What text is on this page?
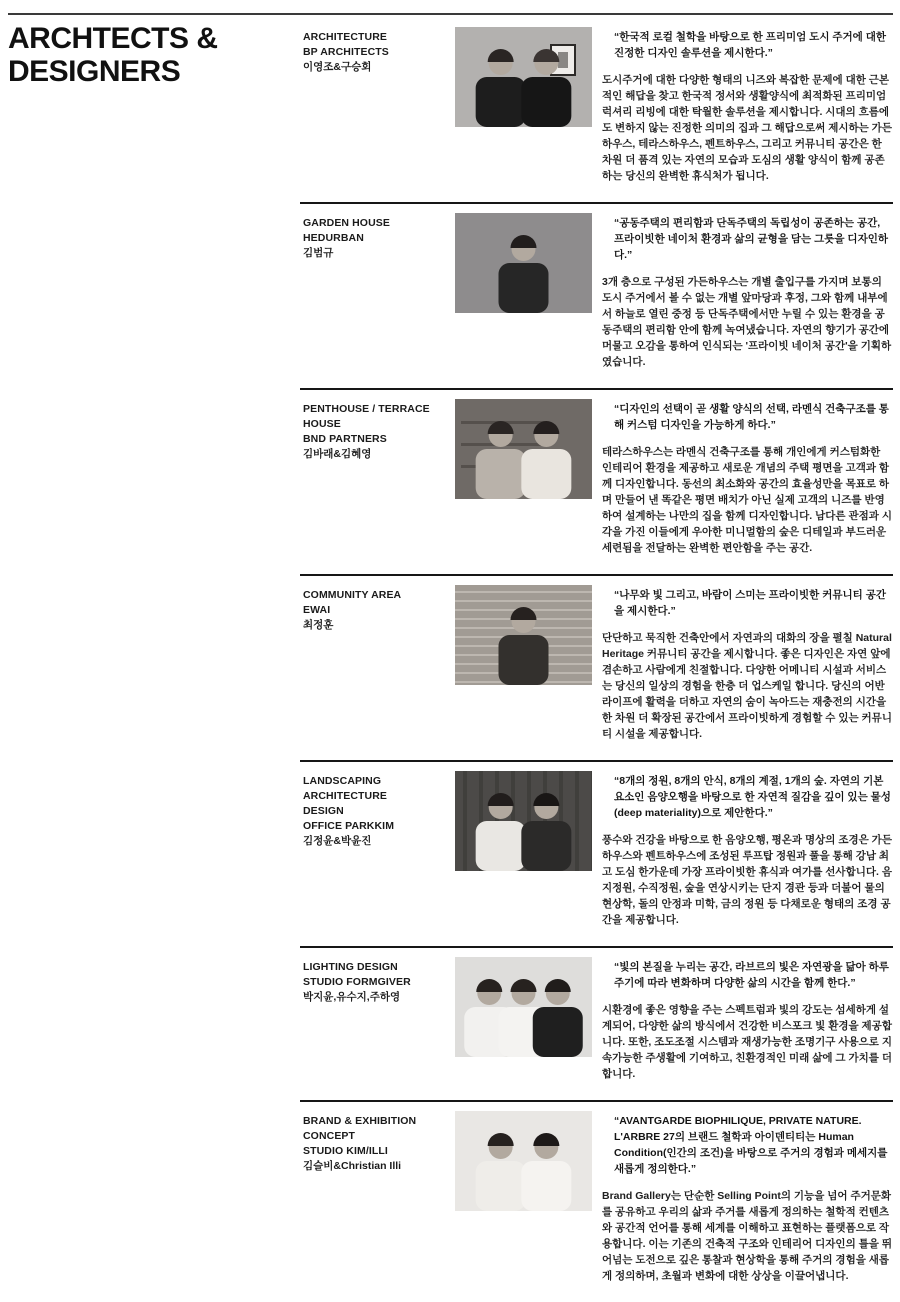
ARCHTECTS &
DESIGNERS
ARCHITECTURE
BP ARCHITECTS
이영조&구승회

“한국적 로컬 철학을 바탕으로 한 프리미엄 도시 주거에 대한 진정한 디자인 솔루션을 제시한다.”

도시주거에 대한 다양한 형태의 니즈와 복잡한 문제에 대한 근본적인 해답을 찾고 한국적 정서와 생활양식에 최적화된 프리미엄 럭셔리 리빙에 대한 탁월한 솔루션을 제시합니다. 시대의 흐름에도 변하지 않는 진정한 의미의 집과 그 해답으로써 제시하는 가든하우스, 테라스하우스, 펜트하우스, 그리고 커뮤니티 공간은 한 차원 더 품격 있는 자연의 모습과 도심의 생활 양식이 함께 공존하는 당신의 완벽한 휴식처가 됩니다.

GARDEN HOUSE
HEDURBAN
김범규

“공동주택의 편리함과 단독주택의 독립성이 공존하는 공간, 프라이빗한 네이처 환경과 삶의 균형을 담는 그릇을 디자인하다.”

3개 층으로 구성된 가든하우스는 개별 출입구를 가지며 보통의 도시 주거에서 볼 수 없는 개별 앞마당과 후정, 그와 함께 내부에서 하늘로 열린 중정 등 단독주택에서만 누릴 수 있는 환경을 공동주택의 편리함 안에 함께 녹여냈습니다. 자연의 향기가 공간에 머물고 오감을 통하여 인식되는 '프라이빗 네이처 공간'을 기획하였습니다.

PENTHOUSE / TERRACE HOUSE
BND PARTNERS
김바래&김혜영

“디자인의 선택이 곧 생활 양식의 선택, 라멘식 건축구조를 통해 커스텀 디자인을 가능하게 하다.”

테라스하우스는 라멘식 건축구조를 통해 개인에게 커스텀화한 인테리어 환경을 제공하고 새로운 개념의 주택 평면을 고객과 함께 디자인합니다. 동선의 최소화와 공간의 효율성만을 목표로 하며 만들어 낸 똑같은 평면 배치가 아닌 실제 고객의 니즈를 반영하여 설계하는 나만의 집을 함께 디자인합니다. 남다른 관점과 시각을 가진 이들에게 우아한 미니멀함의 숲은 디테일과 부드러운 세련됨을 전달하는 완벽한 편안함을 주는 공간.

COMMUNITY AREA
EWAI
최정훈

“나무와 빛 그리고, 바람이 스미는 프라이빗한 커뮤니티 공간을 제시한다.”

단단하고 묵직한 건축안에서 자연과의 대화의 장을 펼칠 Natural Heritage 커뮤니티 공간을 제시합니다. 좋은 디자인은 자연 앞에 겸손하고 사람에게 친절합니다. 다양한 어메니티 시설과 서비스는 당신의 일상의 경험을 한층 더 업스케일 합니다. 당신의 어반 라이프에 활력을 더하고 자연의 숨이 녹아드는 재충전의 시간을 한 차원 더 확장된 공간에서 프라이빗하게 경험할 수 있는 커뮤니티 시설을 제공합니다.

LANDSCAPING ARCHITECTURE
DESIGN
OFFICE PARKKIM
김정윤&박윤진

“8개의 정원, 8개의 안식, 8개의 계절, 1개의 숲. 자연의 기본 요소인 음양오행을 바탕으로 한 자연적 질감을 깊이 있는 물성(deep materiality)으로 제안한다.”

풍수와 건강을 바탕으로 한 음양오행, 평온과 명상의 조경은 가든하우스와 펜트하우스에 조성된 루프탑 정원과 풀을 통해 강남 최고 도심 한가운데 가장 프라이빗한 휴식과 여가를 선사합니다. 음지정원, 수직정원, 숲을 연상시키는 단지 경관 등과 더불어 물의 현상학, 돌의 안정과 미학, 금의 정원 등 다채로운 형태의 조경 공간을 제공합니다.

LIGHTING DESIGN
STUDIO FORMGIVER
박지윤,유수지,주하영

“빛의 본질을 누리는 공간, 라브르의 빛은 자연광을 닮아 하루주기에 따라 변화하며 다양한 삶의 시간을 함께 한다.”

시환경에 좋은 영향을 주는 스펙트럼과 빛의 강도는 섬세하게 설계되어, 다양한 삶의 방식에서 건강한 비스포크 빛 환경을 제공합니다. 또한, 조도조절 시스템과 재생가능한 조명기구 사용으로 지속가능한 주생활에 기여하고, 친환경적인 미래 삶에 그 가치를 더합니다.

BRAND & EXHIBITION CONCEPT
STUDIO KIM/ILLI
김슬비&Christian Illi

“AVANTGARDE BIOPHILIQUE, PRIVATE NATURE. L'ARBRE 27의 브랜드 철학과 아이덴티티는 Human Condition(인간의 조건)을 바탕으로 주거의 경험과 메세지를 새롭게 정의한다.”

Brand Gallery는 단순한 Selling Point의 기능을 넘어 주거문화를 공유하고 우리의 삶과 주거를 새롭게 정의하는 철학적 컨텐츠와 공간적 언어를 통해 세계를 이해하고 표현하는 플랫폼으로 작용합니다. 이는 기존의 건축적 구조와 인테리어 디자인의 틀을 뛰어넘는 도전으로 깊은 통찰과 현상학을 통해 주거의 경험을 새롭게 정의하며, 초월과 변화에 대한 상상을 이끌어냅니다.
